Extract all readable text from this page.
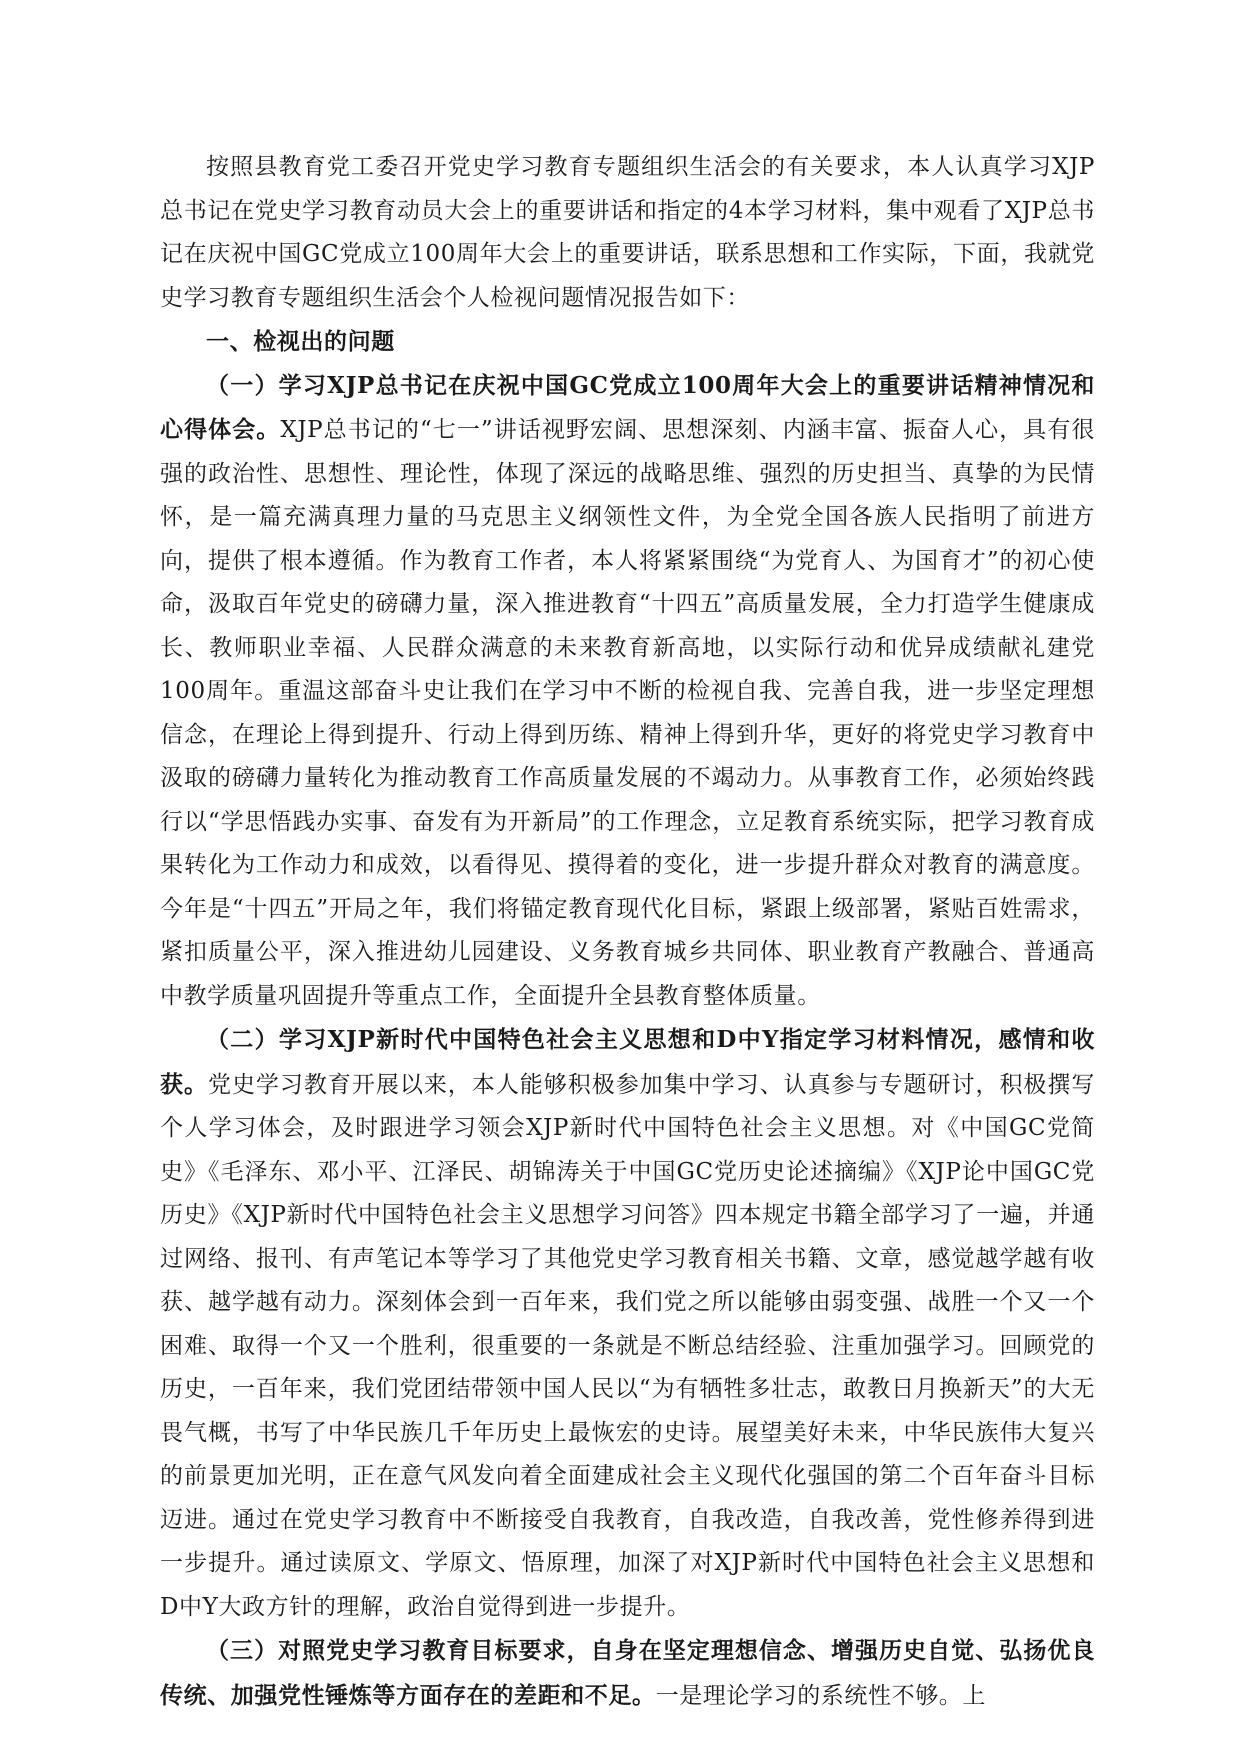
按照县教育党工委召开党史学习教育专题组织生活会的有关要求，本人认真学习XJP总书记在党史学习教育动员大会上的重要讲话和指定的4本学习材料，集中观看了XJP总书记在庆祝中国GC党成立100周年大会上的重要讲话，联系思想和工作实际，下面，我就党史学习教育专题组织生活会个人检视问题情况报告如下：

一、检视出的问题

（一）学习XJP总书记在庆祝中国GC党成立100周年大会上的重要讲话精神情况和心得体会。XJP总书记的“七一”讲话视野宏阔、思想深刻、内涵丰富、振奋人心，具有很强的政治性、思想性、理论性，体现了深远的战略思维、强烈的历史担当、真挚的为民情怀，是一篇充满真理力量的马克思主义纲领性文件，为全党全国各族人民指明了前进方向，提供了根本遵循。作为教育工作者，本人将紧紧围绕“为党育人、为国育才”的初心使命，汲取百年党史的磅礴力量，深入推进教育“十四五”高质量发展，全力打造学生健康成长、教师职业幸福、人民群众满意的未来教育新高地，以实际行动和优异成绩献礼建党100周年。重温这部奋斗史让我们在学习中不断的检视自我、完善自我，进一步坚定理想信念，在理论上得到提升、行动上得到历练、精神上得到升华，更好的将党史学习教育中汲取的磅礴力量转化为推动教育工作高质量发展的不竭动力。从事教育工作，必须始终践行以“学思悟践办实事、奋发有为开新局”的工作理念，立足教育系统实际，把学习教育成果转化为工作动力和成效，以看得见、摸得着的变化，进一步提升群众对教育的满意度。今年是“十四五”开局之年，我们将锚定教育现代化目标，紧跟上级部署，紧贴百姓需求，紧扣质量公平，深入推进幼儿园建设、义务教育城乡共同体、职业教育产教融合、普通高中教学质量巩固提升等重点工作，全面提升全县教育整体质量。

（二）学习XJP新时代中国特色社会主义思想和D中Y指定学习材料情况，感情和收获。党史学习教育开展以来，本人能够积极参加集中学习、认真参与专题研讨，积极撰写个人学习体会，及时跟进学习领会XJP新时代中国特色社会主义思想。对《中国GC党简史》《毛泽东、邓小平、江泽民、胡锦涛关于中国GC党历史论述摘编》《XJP论中国GC党历史》《XJP新时代中国特色社会主义思想学习问答》四本规定书籍全部学习了一遍，并通过网络、报刊、有声笔记本等学习了其他党史学习教育相关书籍、文章，感觉越学越有收获、越学越有动力。深刻体会到一百年来，我们党之所以能够由弱变强、战胜一个又一个困难、取得一个又一个胜利，很重要的一条就是不断总结经验、注重加强学习。回顾党的历史，一百年来，我们党团结带领中国人民以“为有牺牲多壮志，敢教日月换新天”的大无畏气概，书写了中华民族几千年历史上最恢宏的史诗。展望美好未来，中华民族伟大复兴的前景更加光明，正在意气风发向着全面建成社会主义现代化强国的第二个百年奋斗目标迈进。通过在党史学习教育中不断接受自我教育，自我改造，自我改善，党性修养得到进一步提升。通过读原文、学原文、悟原理，加深了对XJP新时代中国特色社会主义思想和D中Y大政方针的理解，政治自觉得到进一步提升。

（三）对照党史学习教育目标要求，自身在坚定理想信念、增强历史自觉、弘扬优良传统、加强党性锤炼等方面存在的差距和不足。一是理论学习的系统性不够。上
